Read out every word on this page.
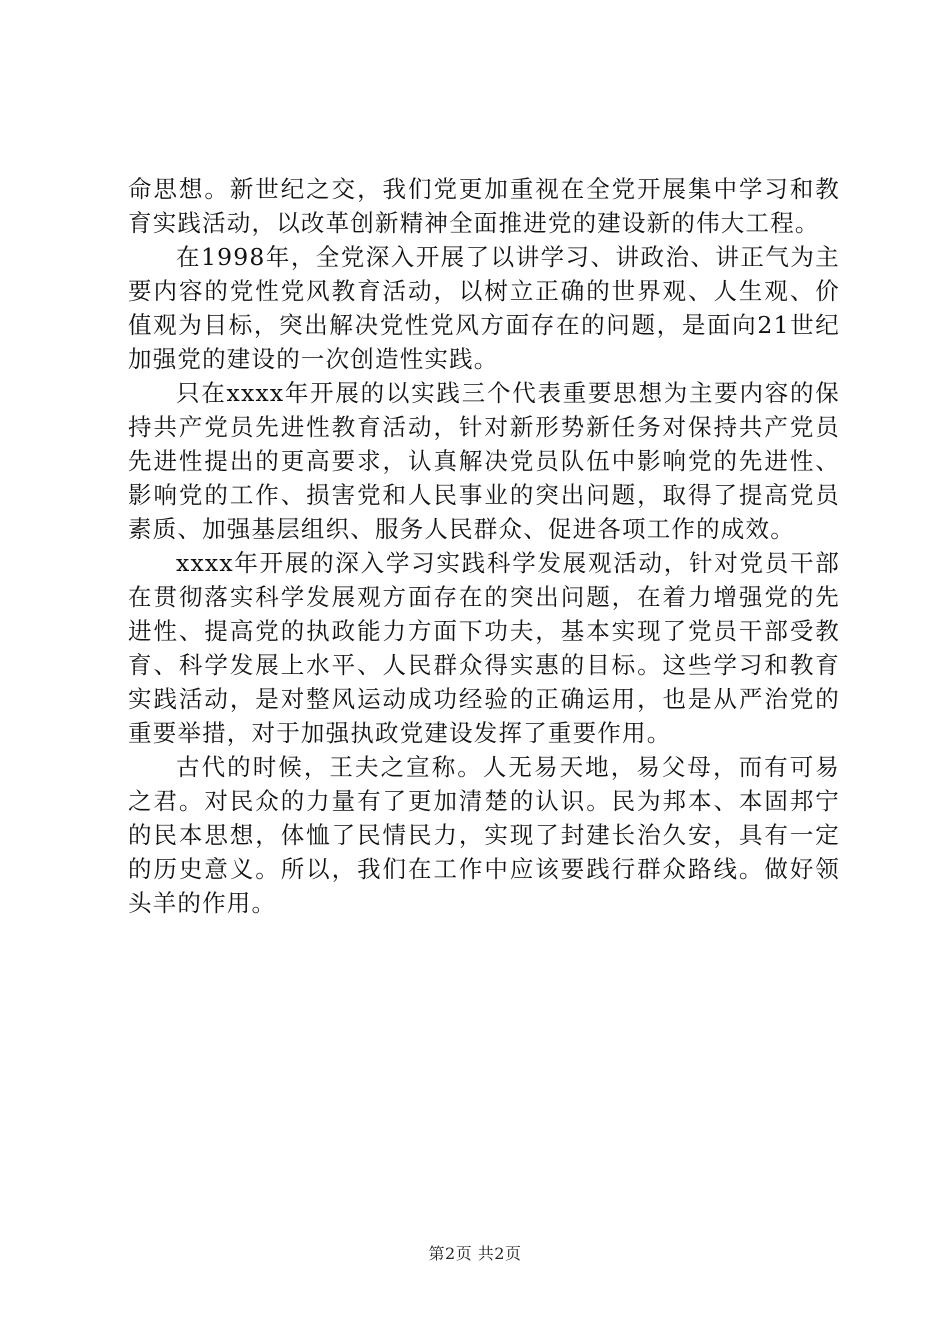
命思想。新世纪之交，我们党更加重视在全党开展集中学习和教育实践活动，以改革创新精神全面推进党的建设新的伟大工程。

在1998年，全党深入开展了以讲学习、讲政治、讲正气为主要内容的党性党风教育活动，以树立正确的世界观、人生观、价值观为目标，突出解决党性党风方面存在的问题，是面向21世纪加强党的建设的一次创造性实践。

只在xxxx年开展的以实践三个代表重要思想为主要内容的保持共产党员先进性教育活动，针对新形势新任务对保持共产党员先进性提出的更高要求，认真解决党员队伍中影响党的先进性、影响党的工作、损害党和人民事业的突出问题，取得了提高党员素质、加强基层组织、服务人民群众、促进各项工作的成效。

xxxx年开展的深入学习实践科学发展观活动，针对党员干部在贯彻落实科学发展观方面存在的突出问题，在着力增强党的先进性、提高党的执政能力方面下功夫，基本实现了党员干部受教育、科学发展上水平、人民群众得实惠的目标。这些学习和教育实践活动，是对整风运动成功经验的正确运用，也是从严治党的重要举措，对于加强执政党建设发挥了重要作用。

古代的时候，王夫之宣称。人无易天地，易父母，而有可易之君。对民众的力量有了更加清楚的认识。民为邦本、本固邦宁的民本思想，体恤了民情民力，实现了封建长治久安，具有一定的历史意义。所以，我们在工作中应该要践行群众路线。做好领头羊的作用。

第2页 共2页
